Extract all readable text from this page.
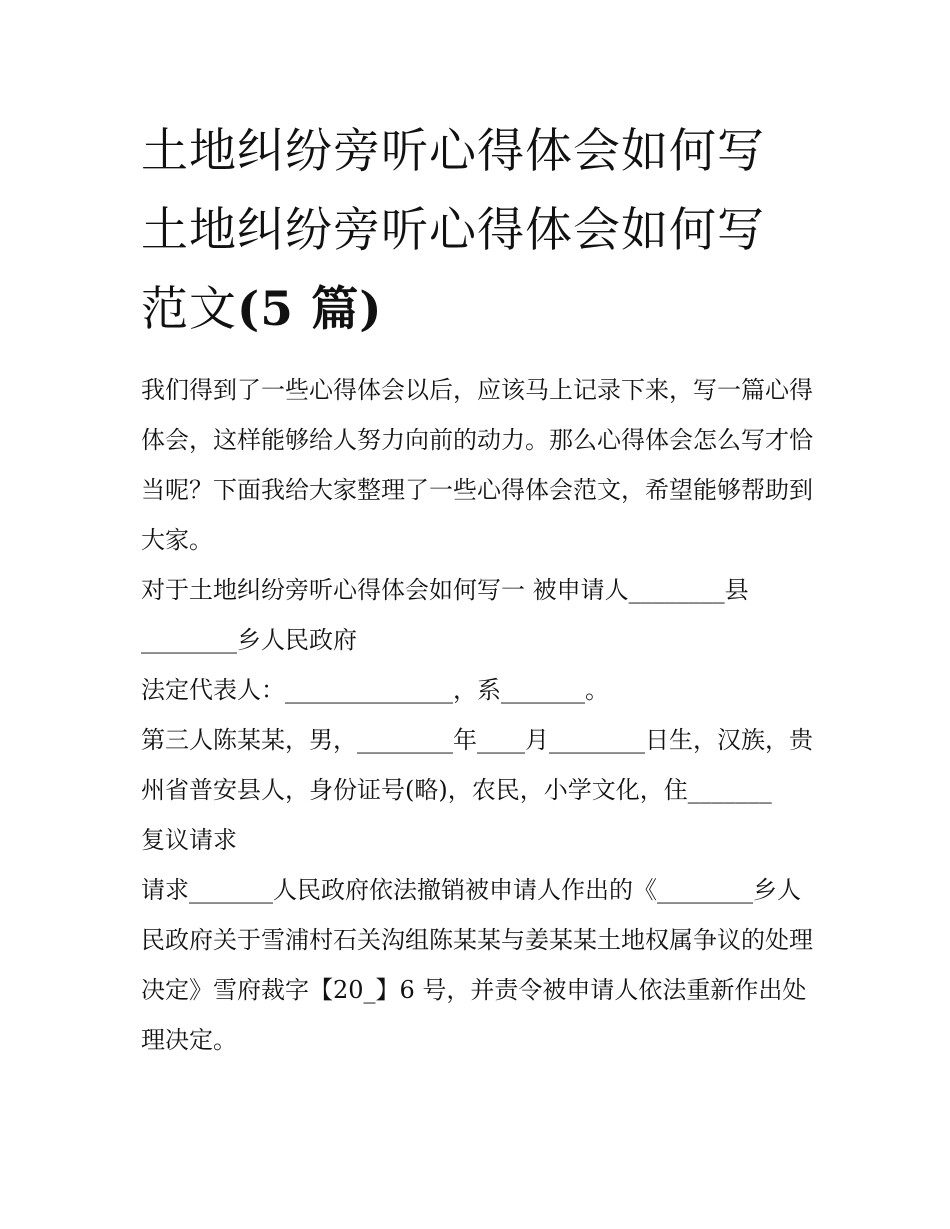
土地纠纷旁听心得体会如何写
土地纠纷旁听心得体会如何写
范文(5 篇)

我们得到了一些心得体会以后，应该马上记录下来，写一篇心得体会，这样能够给人努力向前的动力。那么心得体会怎么写才恰当呢？下面我给大家整理了一些心得体会范文，希望能够帮助到大家。

对于土地纠纷旁听心得体会如何写一 被申请人________县________乡人民政府

法定代表人：______________，系_______。

第三人陈某某，男，________年____月________日生，汉族，贵州省普安县人，身份证号(略)，农民，小学文化，住_______

复议请求

请求_______人民政府依法撤销被申请人作出的《________乡人民政府关于雪浦村石关沟组陈某某与姜某某土地权属争议的处理决定》雪府裁字【20_】6 号，并责令被申请人依法重新作出处理决定。
